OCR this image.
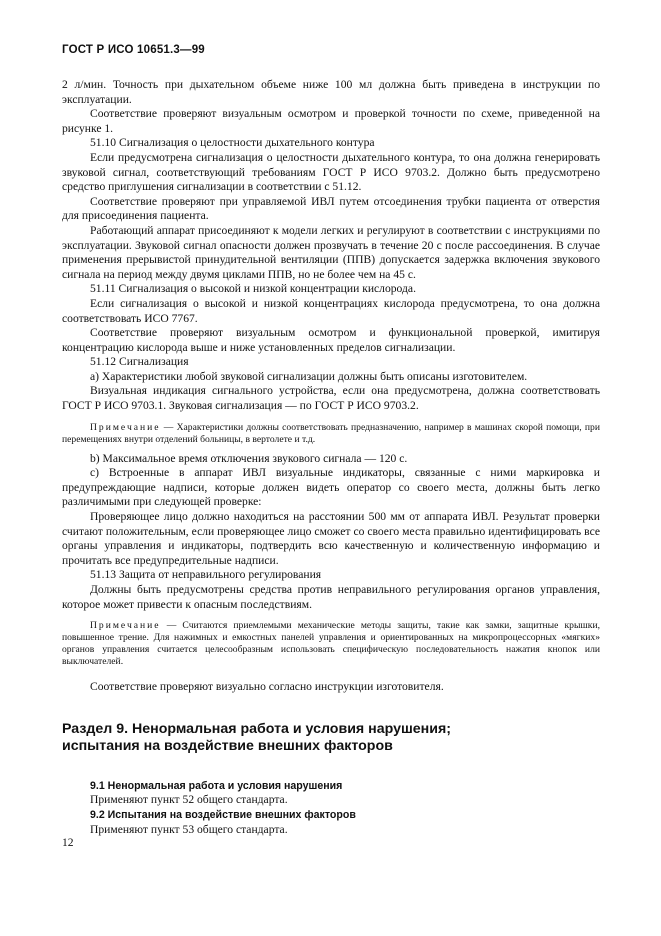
ГОСТ Р ИСО 10651.3—99

2 л/мин. Точность при дыхательном объеме ниже 100 мл должна быть приведена в инструкции по эксплуатации.

Соответствие проверяют визуальным осмотром и проверкой точности по схеме, приведенной на рисунке 1.

51.10 Сигнализация о целостности дыхательного контура

Если предусмотрена сигнализация о целостности дыхательного контура, то она должна генерировать звуковой сигнал, соответствующий требованиям ГОСТ Р ИСО 9703.2. Должно быть предусмотрено средство приглушения сигнализации в соответствии с 51.12.

Соответствие проверяют при управляемой ИВЛ путем отсоединения трубки пациента от отверстия для присоединения пациента.

Работающий аппарат присоединяют к модели легких и регулируют в соответствии с инструкциями по эксплуатации. Звуковой сигнал опасности должен прозвучать в течение 20 с после рассоединения. В случае применения прерывистой принудительной вентиляции (ППВ) допускается задержка включения звукового сигнала на период между двумя циклами ППВ, но не более чем на 45 с.

51.11 Сигнализация о высокой и низкой концентрации кислорода.

Если сигнализация о высокой и низкой концентрациях кислорода предусмотрена, то она должна соответствовать ИСО 7767.

Соответствие проверяют визуальным осмотром и функциональной проверкой, имитируя концентрацию кислорода выше и ниже установленных пределов сигнализации.

51.12 Сигнализация

а) Характеристики любой звуковой сигнализации должны быть описаны изготовителем.

Визуальная индикация сигнального устройства, если она предусмотрена, должна соответствовать ГОСТ Р ИСО 9703.1. Звуковая сигнализация — по ГОСТ Р ИСО 9703.2.

Примечание — Характеристики должны соответствовать предназначению, например в машинах скорой помощи, при перемещениях внутри отделений больницы, в вертолете и т.д.

b) Максимальное время отключения звукового сигнала — 120 с.

c) Встроенные в аппарат ИВЛ визуальные индикаторы, связанные с ними маркировка и предупреждающие надписи, которые должен видеть оператор со своего места, должны быть легко различимыми при следующей проверке:

Проверяющее лицо должно находиться на расстоянии 500 мм от аппарата ИВЛ. Результат проверки считают положительным, если проверяющее лицо сможет со своего места правильно идентифицировать все органы управления и индикаторы, подтвердить всю качественную и количественную информацию и прочитать все предупредительные надписи.

51.13 Защита от неправильного регулирования

Должны быть предусмотрены средства против неправильного регулирования органов управления, которое может привести к опасным последствиям.

Примечание — Считаются приемлемыми механические методы защиты, такие как замки, защитные крышки, повышенное трение. Для нажимных и емкостных панелей управления и ориентированных на микропроцессорных «мягких» органов управления считается целесообразным использовать специфическую последовательность нажатия кнопок или выключателей.

Соответствие проверяют визуально согласно инструкции изготовителя.

Раздел 9. Ненормальная работа и условия нарушения;
испытания на воздействие внешних факторов

9.1 Ненормальная работа и условия нарушения

Применяют пункт 52 общего стандарта.

9.2 Испытания на воздействие внешних факторов

Применяют пункт 53 общего стандарта.

12
